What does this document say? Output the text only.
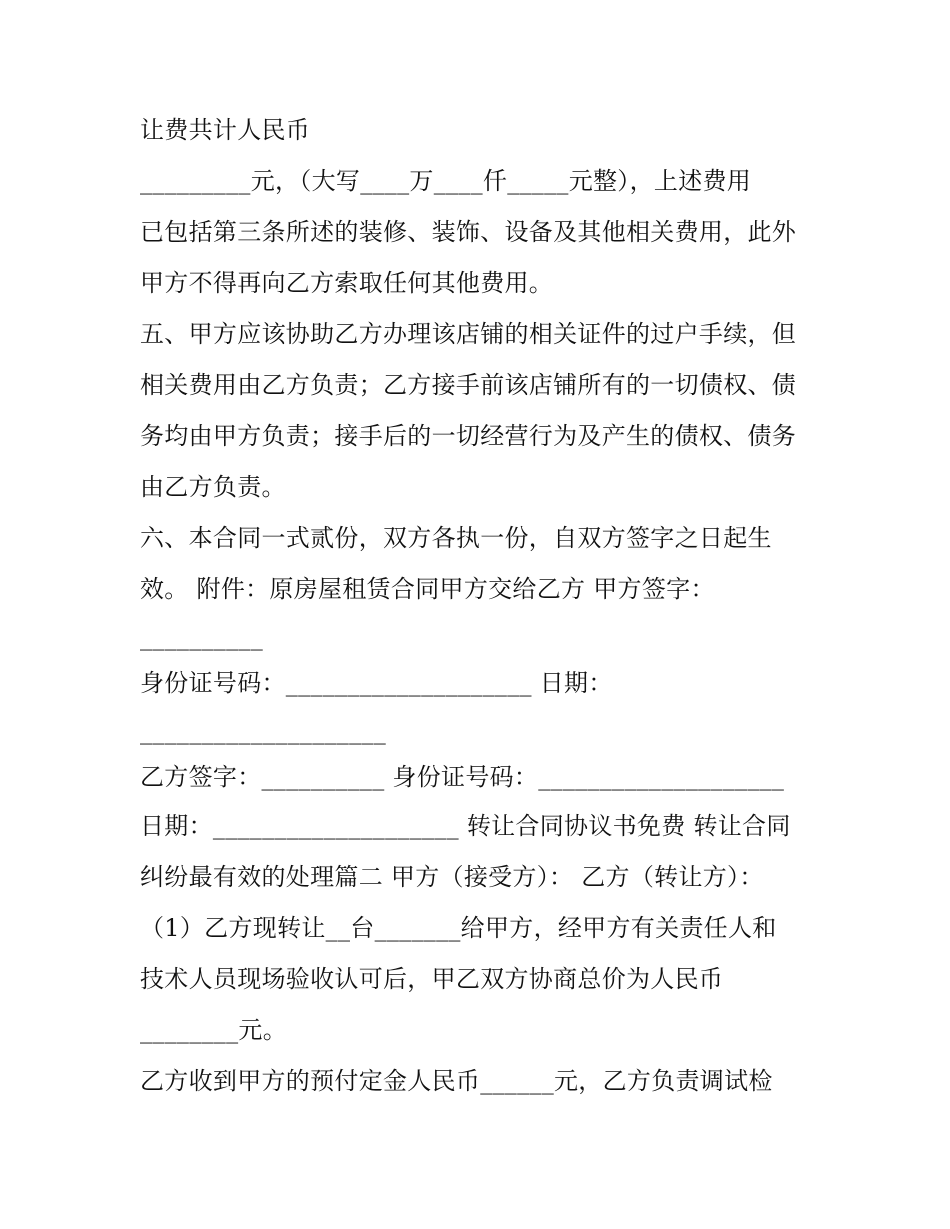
让费共计人民币
_________元，（大写____万____仟_____元整），上述费用
已包括第三条所述的装修、装饰、设备及其他相关费用，此外
甲方不得再向乙方索取任何其他费用。
五、甲方应该协助乙方办理该店铺的相关证件的过户手续，但
相关费用由乙方负责；乙方接手前该店铺所有的一切债权、债
务均由甲方负责；接手后的一切经营行为及产生的债权、债务
由乙方负责。
六、本合同一式贰份，双方各执一份，自双方签字之日起生
效。 附件：原房屋租赁合同甲方交给乙方 甲方签字：
__________
身份证号码：____________________ 日期：
____________________
乙方签字：__________ 身份证号码：____________________
日期：____________________ 转让合同协议书免费 转让合同
纠纷最有效的处理篇二 甲方（接受方）： 乙方（转让方）：
（1）乙方现转让__台_______给甲方，经甲方有关责任人和
技术人员现场验收认可后，甲乙双方协商总价为人民币
________元。
乙方收到甲方的预付定金人民币______元，乙方负责调试检
